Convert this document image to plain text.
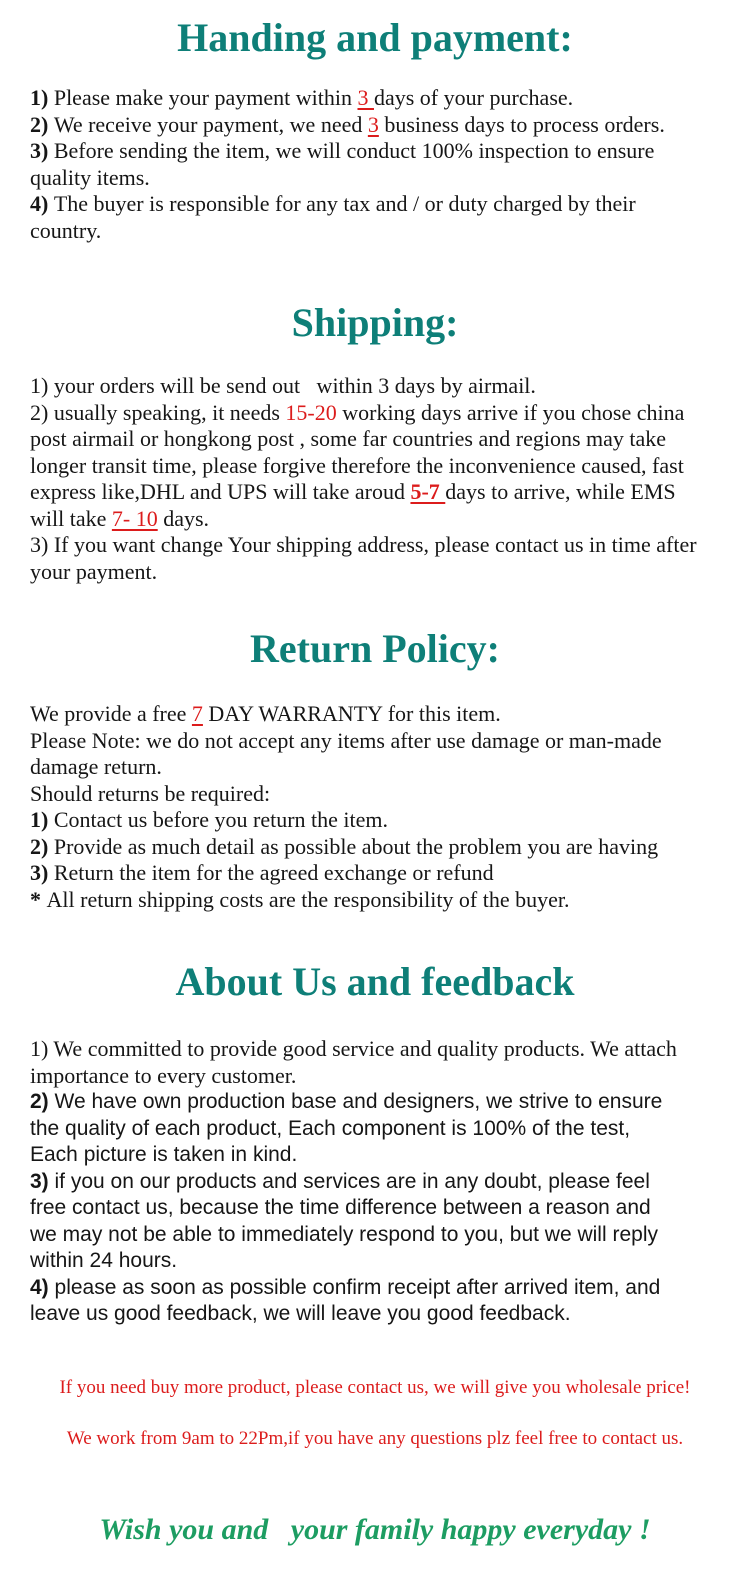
Handing and payment:
1) Please make your payment within 3 days of your purchase.
2) We receive your payment, we need 3 business days to process orders.
3) Before sending the item, we will conduct 100% inspection to ensure
quality items.
4) The buyer is responsible for any tax and / or duty charged by their
country.
Shipping:
1) your orders will be send out   within 3 days by airmail.
2) usually speaking, it needs 15-20 working days arrive if you chose china
post airmail or hongkong post , some far countries and regions may take
longer transit time, please forgive therefore the inconvenience caused, fast
express like,DHL and UPS will take aroud 5-7 days to arrive, while EMS
will take 7- 10 days.
3) If you want change Your shipping address, please contact us in time after
your payment.
Return Policy:
We provide a free 7 DAY WARRANTY for this item.
Please Note: we do not accept any items after use damage or man-made
damage return.
Should returns be required:
1) Contact us before you return the item.
2) Provide as much detail as possible about the problem you are having
3) Return the item for the agreed exchange or refund
* All return shipping costs are the responsibility of the buyer.
About Us and feedback
1) We committed to provide good service and quality products. We attach
importance to every customer.
2) We have own production base and designers, we strive to ensure
the quality of each product, Each component is 100% of the test,
Each picture is taken in kind.
3) if you on our products and services are in any doubt, please feel
free contact us, because the time difference between a reason and
we may not be able to immediately respond to you, but we will reply
within 24 hours.
4) please as soon as possible confirm receipt after arrived item, and
leave us good feedback, we will leave you good feedback.

If you need buy more product, please contact us, we will give you wholesale price!

We work from 9am to 22Pm,if you have any questions plz feel free to contact us.

Wish you and   your family happy everyday !
